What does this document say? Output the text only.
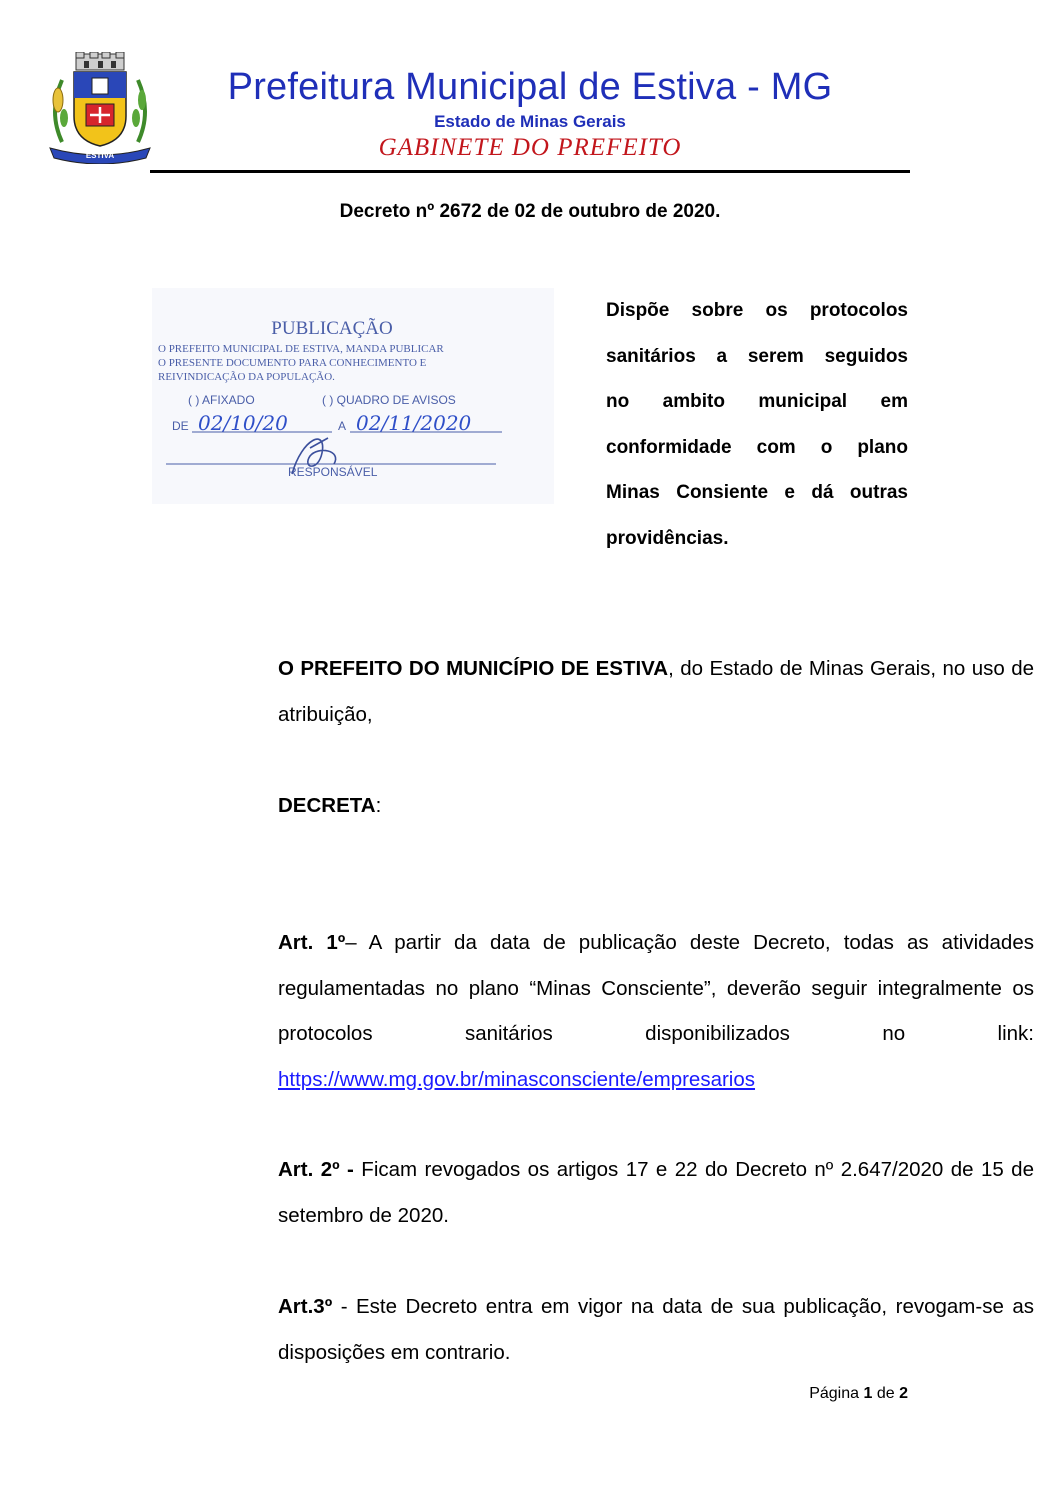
ESTIVA
Prefeitura Municipal de Estiva - MG
Estado de Minas Gerais
GABINETE DO PREFEITO
Decreto nº 2672 de 02 de outubro de 2020.
PUBLICAÇÃO
O PREFEITO MUNICIPAL DE ESTIVA, MANDA PUBLICAR
O PRESENTE DOCUMENTO PARA CONHECIMENTO E
REIVINDICAÇÃO DA POPULAÇÃO.
( ) AFIXADO	( ) QUADRO DE AVISOS
DE	A
RESPONSÁVEL
02/10/20	02/11/2020
Dispõe sobre os protocolos
sanitários a serem seguidos
no ambito municipal em
conformidade com o plano
Minas Consiente e dá outras
providências.
O PREFEITO DO MUNICÍPIO DE ESTIVA, do Estado de Minas Gerais, no uso de atribuição,
DECRETA:
Art. 1º– A partir da data de publicação deste Decreto, todas as atividades regulamentadas no plano “Minas Consciente”, deverão seguir integralmente os protocolos sanitários disponibilizados no link: https://www.mg.gov.br/minasconsciente/empresarios
Art. 2º - Ficam revogados os artigos 17 e 22 do Decreto nº 2.647/2020 de 15 de setembro de 2020.
Art.3º - Este Decreto entra em vigor na data de sua publicação, revogam-se as disposições em contrario.
Página 1 de 2
